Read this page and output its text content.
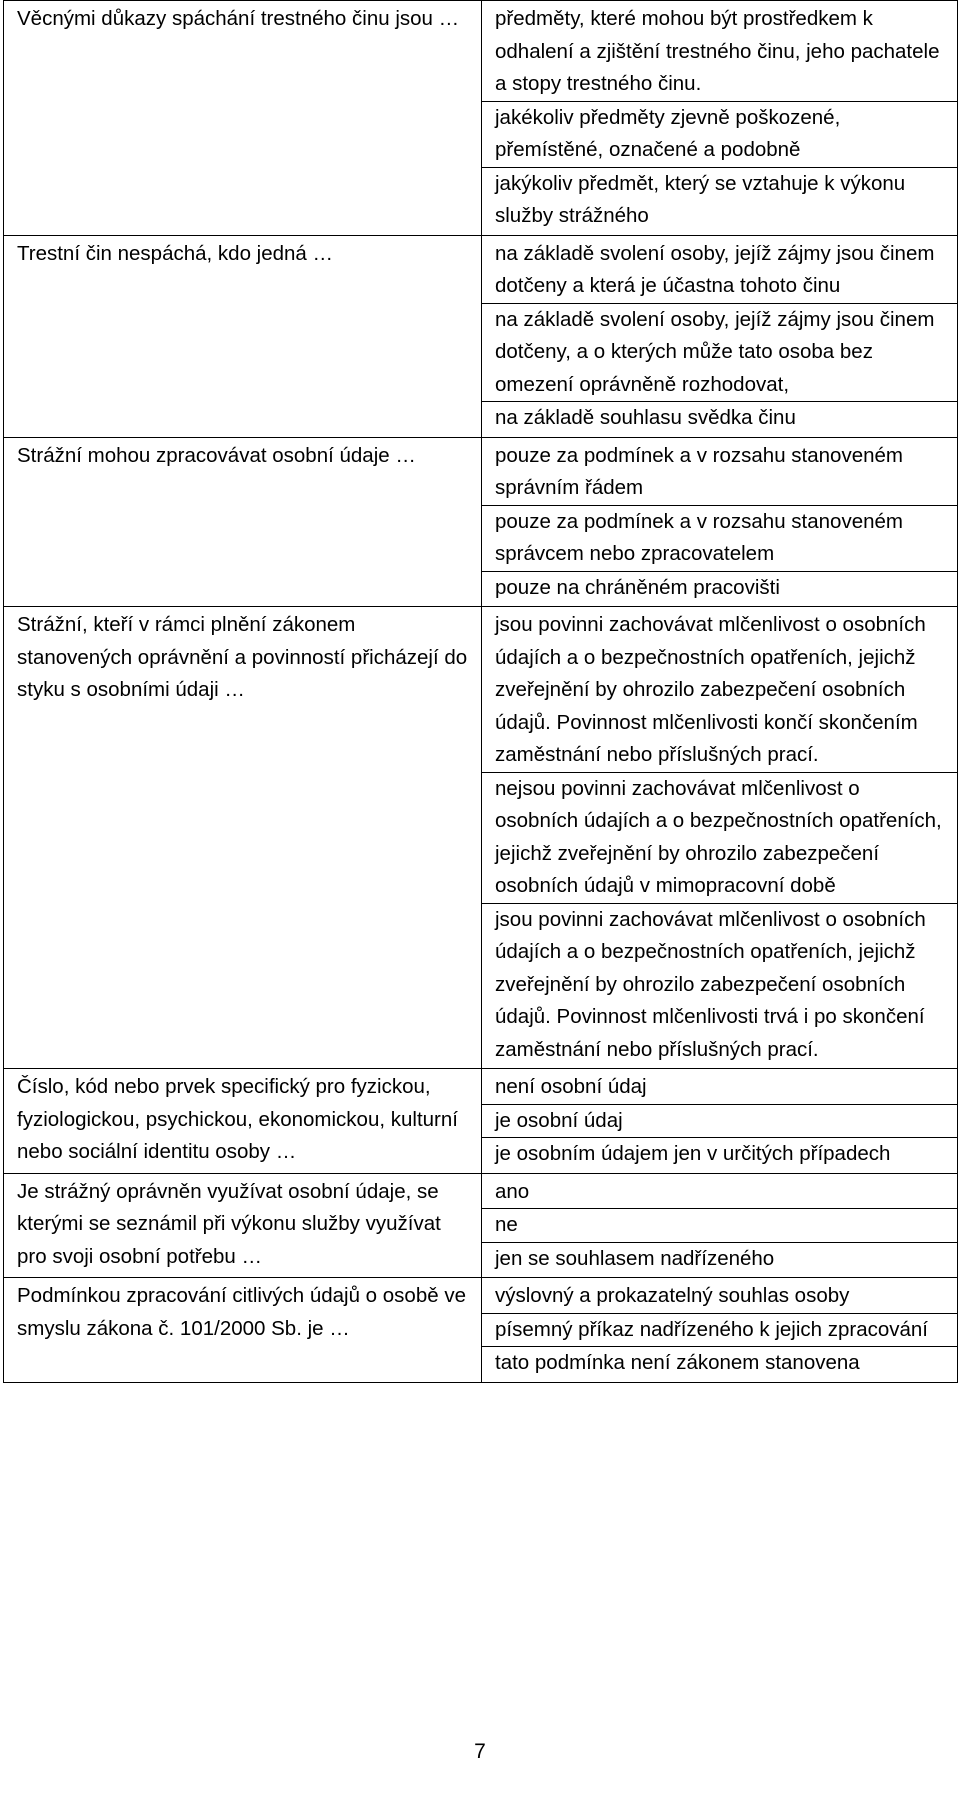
Věcnými důkazy spáchání trestného činu jsou …	předměty, které mohou být prostředkem k odhalení a zjištění trestného činu, jeho pachatele a stopy trestného činu.
jakékoliv předměty zjevně poškozené, přemístěné, označené a podobně
jakýkoliv předmět, který se vztahuje k výkonu služby strážného

Trestní čin nespáchá, kdo jedná …	na základě svolení osoby, jejíž zájmy jsou činem dotčeny a která je účastna tohoto činu
na základě svolení osoby, jejíž zájmy jsou činem dotčeny, a o kterých může tato osoba bez omezení oprávněně rozhodovat,
na základě souhlasu svědka činu

Strážní mohou zpracovávat osobní údaje …	pouze za podmínek a v rozsahu stanoveném správním řádem
pouze za podmínek a v rozsahu stanoveném správcem nebo zpracovatelem
pouze na chráněném pracovišti

Strážní, kteří v rámci plnění zákonem stanovených oprávnění a povinností přicházejí do styku s osobními údaji …	jsou povinni zachovávat mlčenlivost o osobních údajích a o bezpečnostních opatřeních, jejichž zveřejnění by ohrozilo zabezpečení osobních údajů. Povinnost mlčenlivosti končí skončením zaměstnání nebo příslušných prací.
nejsou povinni zachovávat mlčenlivost o osobních údajích a o bezpečnostních opatřeních, jejichž zveřejnění by ohrozilo zabezpečení osobních údajů v mimopracovní době
jsou povinni zachovávat mlčenlivost o osobních údajích a o bezpečnostních opatřeních, jejichž zveřejnění by ohrozilo zabezpečení osobních údajů. Povinnost mlčenlivosti trvá i po skončení zaměstnání nebo příslušných prací.

Číslo, kód nebo prvek specifický pro fyzickou, fyziologickou, psychickou, ekonomickou, kulturní nebo sociální identitu osoby …	není osobní údaj
je osobní údaj
je osobním údajem jen v určitých případech

Je strážný oprávněn využívat osobní údaje, se kterými se seznámil při výkonu služby využívat pro svoji osobní potřebu …	ano
ne
jen se souhlasem nadřízeného

Podmínkou zpracování citlivých údajů o osobě ve smyslu zákona č. 101/2000 Sb. je …	výslovný a prokazatelný souhlas osoby
písemný příkaz nadřízeného k jejich zpracování
tato podmínka není zákonem stanovena
7
